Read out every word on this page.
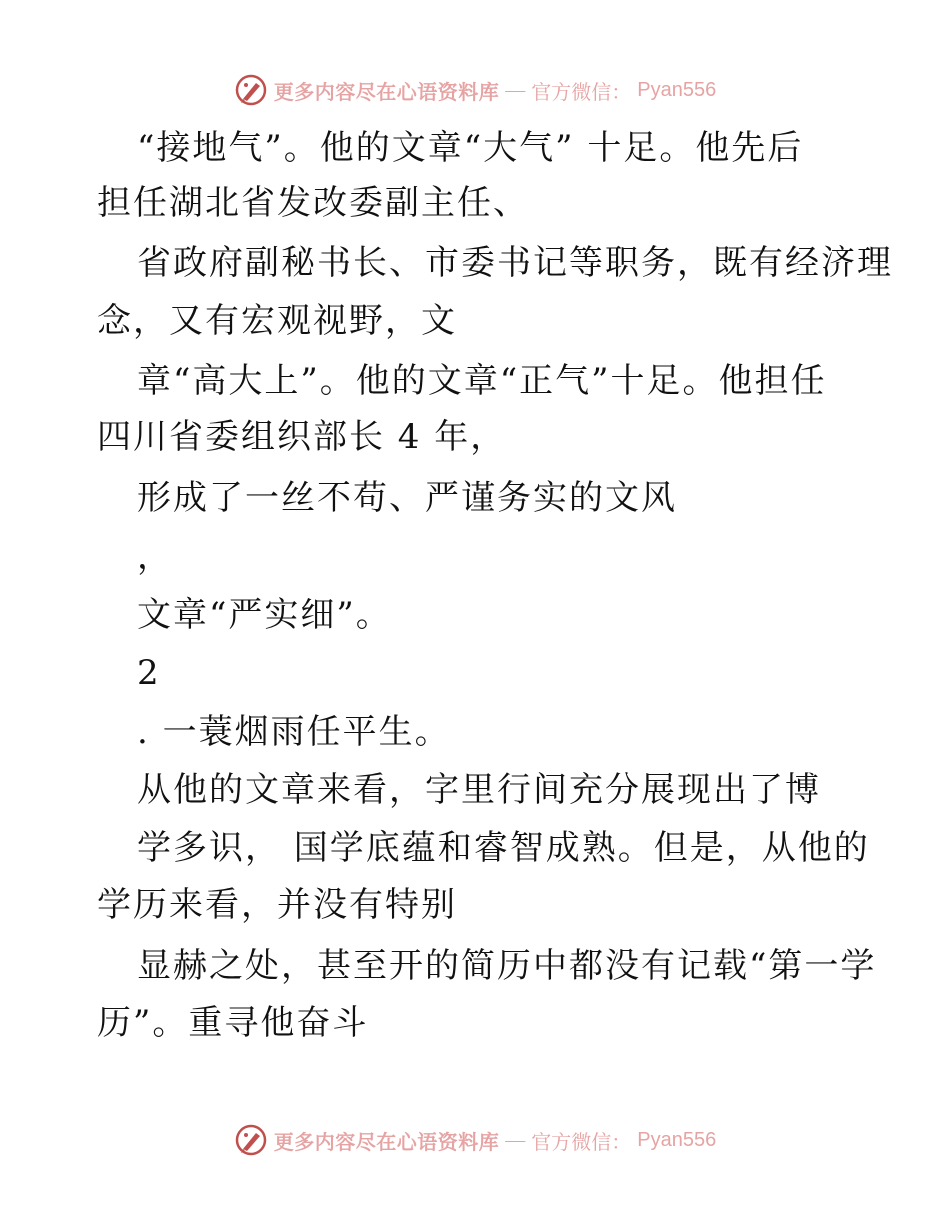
更多内容尽在心语资料库 — 官方微信： Pyan556
“接地气”。他的文章“大气” 十足。他先后
担任湖北省发改委副主任、
省政府副秘书长、市委书记等职务，既有经济理
念，又有宏观视野，文
章“高大上”。他的文章“正气”十足。他担任
四川省委组织部长 4 年，
形成了一丝不苟、严谨务实的文风
，
文章“严实细”。
2
. 一蓑烟雨任平生。
从他的文章来看，字里行间充分展现出了博
学多识， 国学底蕴和睿智成熟。但是，从他的
学历来看，并没有特别
显赫之处，甚至开的简历中都没有记载“第一学
历”。重寻他奋斗
更多内容尽在心语资料库 — 官方微信： Pyan556
